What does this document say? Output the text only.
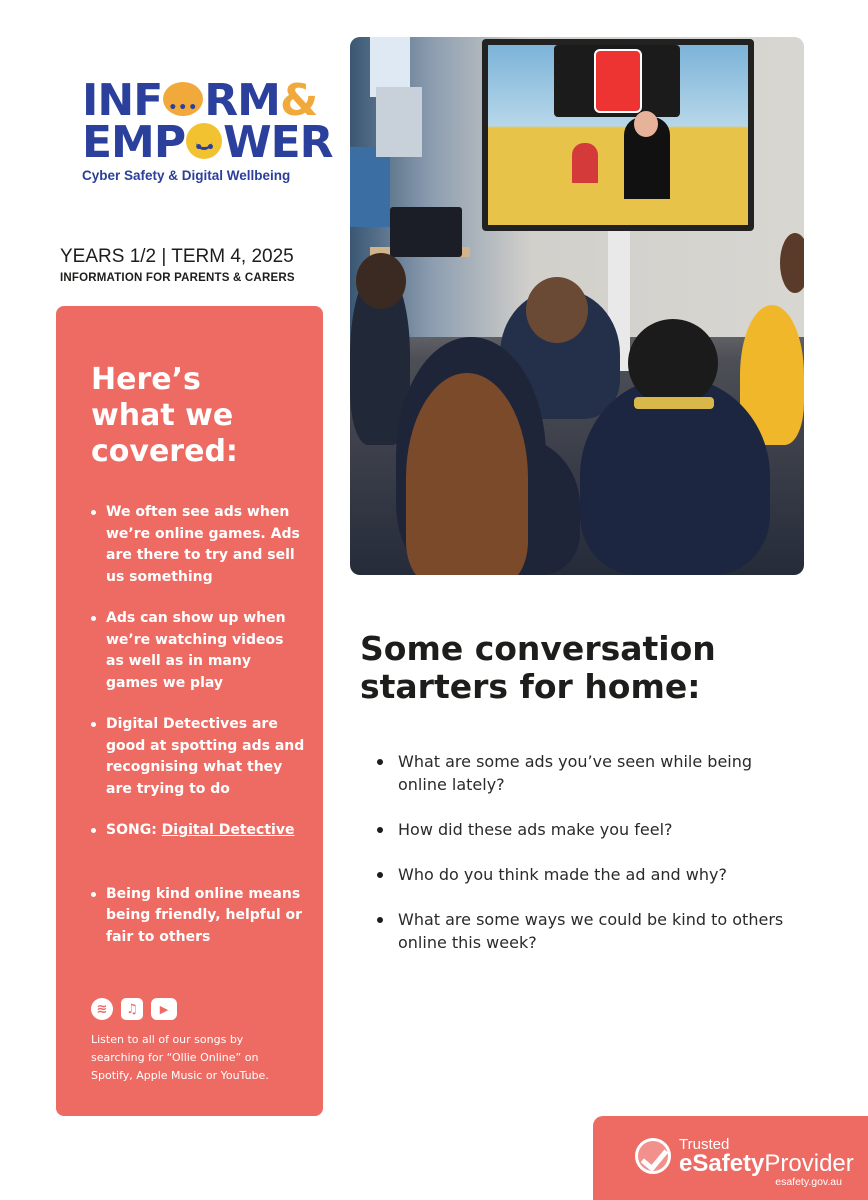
INF ••• RM&
EMP • • WER
Cyber Safety & Digital Wellbeing
YEARS 1/2 | TERM 4, 2025
INFORMATION FOR PARENTS & CARERS
Here’s
what we
covered:
We often see ads when we’re online games. Ads are there to try and sell us something
Ads can show up when we’re watching videos as well as in many games we play
Digital Detectives are good at spotting ads and recognising what they are trying to do
SONG: Digital Detective
Being kind online means being friendly, helpful or fair to others
≋	♫	▶
Listen to all of our songs by searching for “Ollie Online” on Spotify, Apple Music or YouTube.
Some conversation
starters for home:
What are some ads you’ve seen while being online lately?
How did these ads make you feel?
Who do you think made the ad and why?
What are some ways we could be kind to others online this week?
Trusted
eSafetyProvider
esafety.gov.au
